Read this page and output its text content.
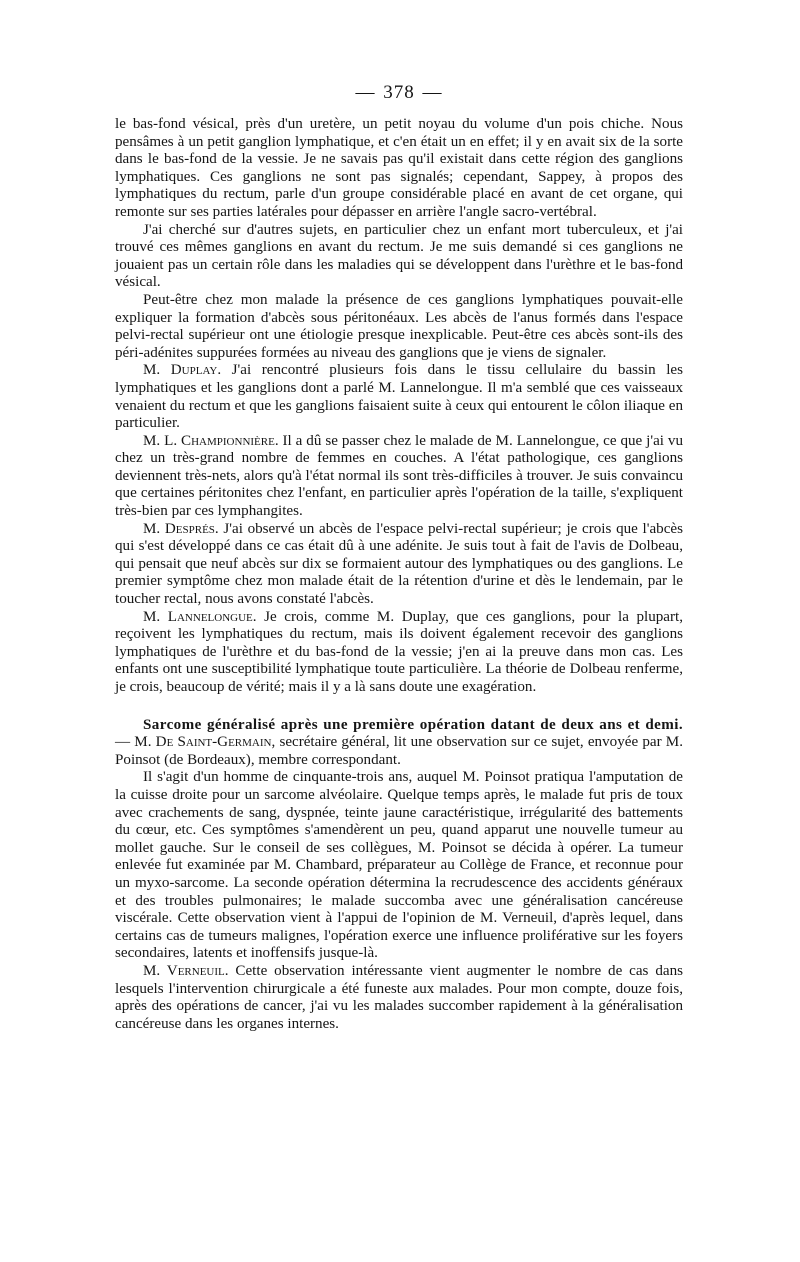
— 378 —

le bas-fond vésical, près d'un uretère, un petit noyau du volume d'un pois chiche. Nous pensâmes à un petit ganglion lymphatique, et c'en était un en effet; il y en avait six de la sorte dans le bas-fond de la vessie. Je ne savais pas qu'il existait dans cette région des ganglions lymphatiques. Ces ganglions ne sont pas signalés; cependant, Sappey, à propos des lymphatiques du rectum, parle d'un groupe considérable placé en avant de cet organe, qui remonte sur ses parties latérales pour dépasser en arrière l'angle sacro-vertébral.

J'ai cherché sur d'autres sujets, en particulier chez un enfant mort tuberculeux, et j'ai trouvé ces mêmes ganglions en avant du rectum. Je me suis demandé si ces ganglions ne jouaient pas un certain rôle dans les maladies qui se développent dans l'urèthre et le bas-fond vésical.

Peut-être chez mon malade la présence de ces ganglions lymphatiques pouvait-elle expliquer la formation d'abcès sous péritonéaux. Les abcès de l'anus formés dans l'espace pelvi-rectal supérieur ont une étiologie presque inexplicable. Peut-être ces abcès sont-ils des péri-adénites suppurées formées au niveau des ganglions que je viens de signaler.

M. Duplay. J'ai rencontré plusieurs fois dans le tissu cellulaire du bassin les lymphatiques et les ganglions dont a parlé M. Lannelongue. Il m'a semblé que ces vaisseaux venaient du rectum et que les ganglions faisaient suite à ceux qui entourent le côlon iliaque en particulier.

M. L. Championnière. Il a dû se passer chez le malade de M. Lannelongue, ce que j'ai vu chez un très-grand nombre de femmes en couches. A l'état pathologique, ces ganglions deviennent très-nets, alors qu'à l'état normal ils sont très-difficiles à trouver. Je suis convaincu que certaines péritonites chez l'enfant, en particulier après l'opération de la taille, s'expliquent très-bien par ces lymphangites.

M. Després. J'ai observé un abcès de l'espace pelvi-rectal supérieur; je crois que l'abcès qui s'est développé dans ce cas était dû à une adénite. Je suis tout à fait de l'avis de Dolbeau, qui pensait que neuf abcès sur dix se formaient autour des lymphatiques ou des ganglions. Le premier symptôme chez mon malade était de la rétention d'urine et dès le lendemain, par le toucher rectal, nous avons constaté l'abcès.

M. Lannelongue. Je crois, comme M. Duplay, que ces ganglions, pour la plupart, reçoivent les lymphatiques du rectum, mais ils doivent également recevoir des ganglions lymphatiques de l'urèthre et du bas-fond de la vessie; j'en ai la preuve dans mon cas. Les enfants ont une susceptibilité lymphatique toute particulière. La théorie de Dolbeau renferme, je crois, beaucoup de vérité; mais il y a là sans doute une exagération.

Sarcome généralisé après une première opération datant de deux ans et demi. — M. De Saint-Germain, secrétaire général, lit une observation sur ce sujet, envoyée par M. Poinsot (de Bordeaux), membre correspondant.

Il s'agit d'un homme de cinquante-trois ans, auquel M. Poinsot pratiqua l'amputation de la cuisse droite pour un sarcome alvéolaire. Quelque temps après, le malade fut pris de toux avec crachements de sang, dyspnée, teinte jaune caractéristique, irrégularité des battements du cœur, etc. Ces symptômes s'amendèrent un peu, quand apparut une nouvelle tumeur au mollet gauche. Sur le conseil de ses collègues, M. Poinsot se décida à opérer. La tumeur enlevée fut examinée par M. Chambard, préparateur au Collège de France, et reconnue pour un myxo-sarcome. La seconde opération détermina la recrudescence des accidents généraux et des troubles pulmonaires; le malade succomba avec une généralisation cancéreuse viscérale. Cette observation vient à l'appui de l'opinion de M. Verneuil, d'après lequel, dans certains cas de tumeurs malignes, l'opération exerce une influence proliférative sur les foyers secondaires, latents et inoffensifs jusque-là.

M. Verneuil. Cette observation intéressante vient augmenter le nombre de cas dans lesquels l'intervention chirurgicale a été funeste aux malades. Pour mon compte, douze fois, après des opérations de cancer, j'ai vu les malades succomber rapidement à la généralisation cancéreuse dans les organes internes.
